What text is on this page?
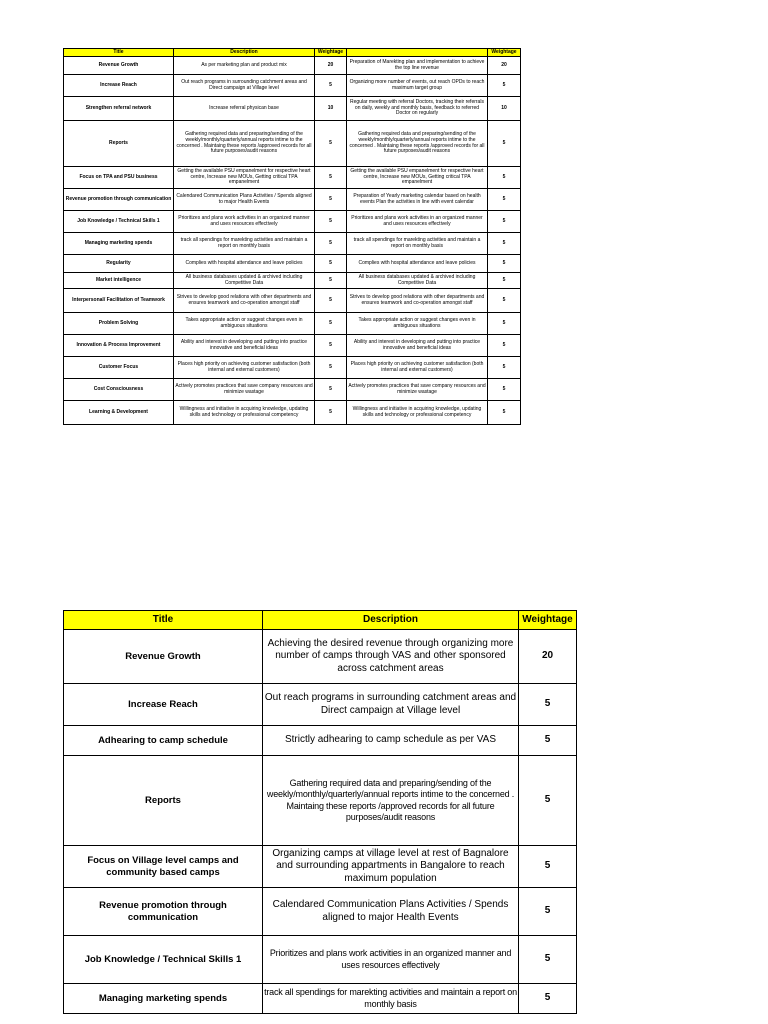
Title	Description	Weightage		Weightage
Revenue Growth	As per marketing plan and product mix	20	Preparation of Marekting plan and implementation to achieve the top line revenue	20
Increase Reach	Out reach programs in surrounding catchment areas and Direct campaign at Village level	5	Organizing more number of events, out reach OPDs to reach maximum target group	5
Strengthen referral network	Increase referral physican base	10	Regular meeting with referral Doctors, tracking their referrals on daily, weekly and monthly basis, feedback to referred Doctor on regularly	10
Reports	Gathering required data and preparing/sending of the weekly/monthly/quarterly/annual reports intime to the concerned . Maintaing these reports /approved records for all future purposes/audit reasons	5	Gathering required data and preparing/sending of the weekly/monthly/quarterly/annual reports intime to the concerned . Maintaing these reports /approved records for all future purposes/audit reasons	5
Focus on TPA and PSU business	Getting the available PSU empanelment for respective heart centre, Increase new MOUs, Getting critical TPA empanelment	5	Getting the available PSU empanelment for respective heart centre, Increase new MOUs, Getting critical TPA empanelment	5
Revenue promotion through communication	Calendared Communication Plans Activities / Spends aligned to major Health Events	5	Preparation of Yearly marketing calendar based on health events Plan the activities in line with event calendar	5
Job Knowledge / Technical Skills 1	Prioritizes and plans work activities in an organized manner and uses resources effectively	5	Prioritizes and plans work activities in an organized manner and uses resources effectively	5
Managing marketing spends	track all spendings for marekting activities and maintain a report on monthly basis	5	track all spendings for marekting activities and maintain a report on monthly basis	5
Regularity	Complies with hospital attendance and leave policies	5	Complies with hospital attendance and leave policies	5
Market intelligence	All business databases updated & archived including Competitive Data	5	All business databases updated & archived including Competitive Data	5
Interpersonal/ Facilitation of Teamwork	Strives to develop good relations with other departments and ensures teamwork and co-operation amongst staff	5	Strives to develop good relations with other departments and ensures teamwork and co-operation amongst staff	5
Problem Solving	Takes appropriate action or suggest changes even in ambiguous situations	5	Takes appropriate action or suggest changes even in ambiguous situations	5
Innovation & Process Improvement	Ability and interest in developing and putting into practice innovative and beneficial ideas	5	Ability and interest in developing and putting into practice innovative and beneficial ideas	5
Customer Focus	Places high priority on achieving customer satisfaction (both internal and external customers)	5	Places high priority on achieving customer satisfaction (both internal and external customers)	5
Cost Consciousness	Actively promotes practices that save company resources and minimize wastage	5	Actively promotes practices that save company resources and minimize wastage	5
Learning & Development	Willingness and initiative in acquiring knowledge, updating skills and technology or professional competency	5	Willingness and initiative in acquiring knowledge, updating skills and technology or professional competency	5
Title	Description	Weightage
Revenue Growth	Achieving the desired revenue through organizing more number of camps through VAS and other sponsored across catchment areas	20
Increase Reach	Out reach programs in surrounding catchment areas and Direct campaign at Village level	5
Adhearing to camp schedule	Strictly adhearing to camp schedule as per VAS	5
Reports	Gathering required data and preparing/sending of the weekly/monthly/quarterly/annual reports intime to the concerned . Maintaing these reports /approved records for all future purposes/audit reasons	5
Focus on Village level camps and community based camps	Organizing camps at village level at rest of Bagnalore and surrounding appartments in Bangalore to reach maximum population	5
Revenue promotion through communication	Calendared Communication Plans Activities / Spends aligned to major Health Events	5
Job Knowledge / Technical Skills 1	Prioritizes and plans work activities in an organized manner and uses resources effectively	5
Managing marketing spends	track all spendings for marekting activities and maintain a report on monthly basis	5
